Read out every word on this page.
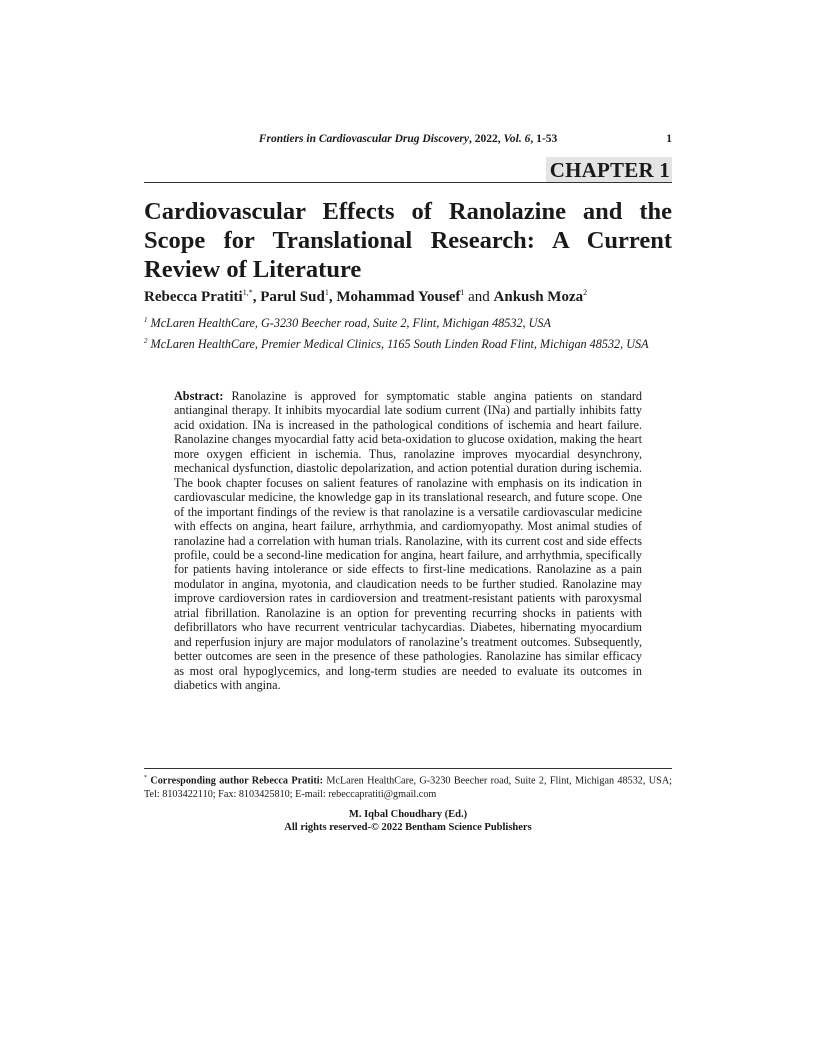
Frontiers in Cardiovascular Drug Discovery, 2022, Vol. 6, 1-53	1
CHAPTER 1
Cardiovascular Effects of Ranolazine and the Scope for Translational Research: A Current Review of Literature
Rebecca Pratiti$^{1,*}$, Parul Sud$^1$, Mohammad Yousef$^1$ and Ankush Moza$^2$
$^1$ McLaren HealthCare, G-3230 Beecher road, Suite 2, Flint, Michigan 48532, USA
$^2$ McLaren HealthCare, Premier Medical Clinics, 1165 South Linden Road Flint, Michigan 48532, USA

Abstract: Ranolazine is approved for symptomatic stable angina patients on standard antianginal therapy. It inhibits myocardial late sodium current (INa) and partially inhibits fatty acid oxidation. INa is increased in the pathological conditions of ischemia and heart failure. Ranolazine changes myocardial fatty acid beta-oxidation to glucose oxidation, making the heart more oxygen efficient in ischemia. Thus, ranolazine improves myocardial desynchrony, mechanical dysfunction, diastolic depolarization, and action potential duration during ischemia. The book chapter focuses on salient features of ranolazine with emphasis on its indication in cardiovascular medicine, the knowledge gap in its translational research, and future scope. One of the important findings of the review is that ranolazine is a versatile cardiovascular medicine with effects on angina, heart failure, arrhythmia, and cardiomyopathy. Most animal studies of ranolazine had a correlation with human trials. Ranolazine, with its current cost and side effects profile, could be a second-line medication for angina, heart failure, and arrhythmia, specifically for patients having intolerance or side effects to first-line medications. Ranolazine as a pain modulator in angina, myotonia, and claudication needs to be further studied. Ranolazine may improve cardioversion rates in cardioversion and treatment-resistant patients with paroxysmal atrial fibrillation. Ranolazine is an option for preventing recurring shocks in patients with defibrillators who have recurrent ventricular tachycardias. Diabetes, hibernating myocardium and reperfusion injury are major modulators of ranolazine’s treatment outcomes. Subsequently, better outcomes are seen in the presence of these pathologies. Ranolazine has similar efficacy as most oral hypoglycemics, and long-term studies are needed to evaluate its outcomes in diabetics with angina.

* Corresponding author Rebecca Pratiti: McLaren HealthCare, G-3230 Beecher road, Suite 2, Flint, Michigan 48532, USA; Tel: 8103422110; Fax: 8103425810; E-mail: rebeccapratiti@gmail.com

M. Iqbal Choudhary (Ed.)
All rights reserved-© 2022 Bentham Science Publishers
